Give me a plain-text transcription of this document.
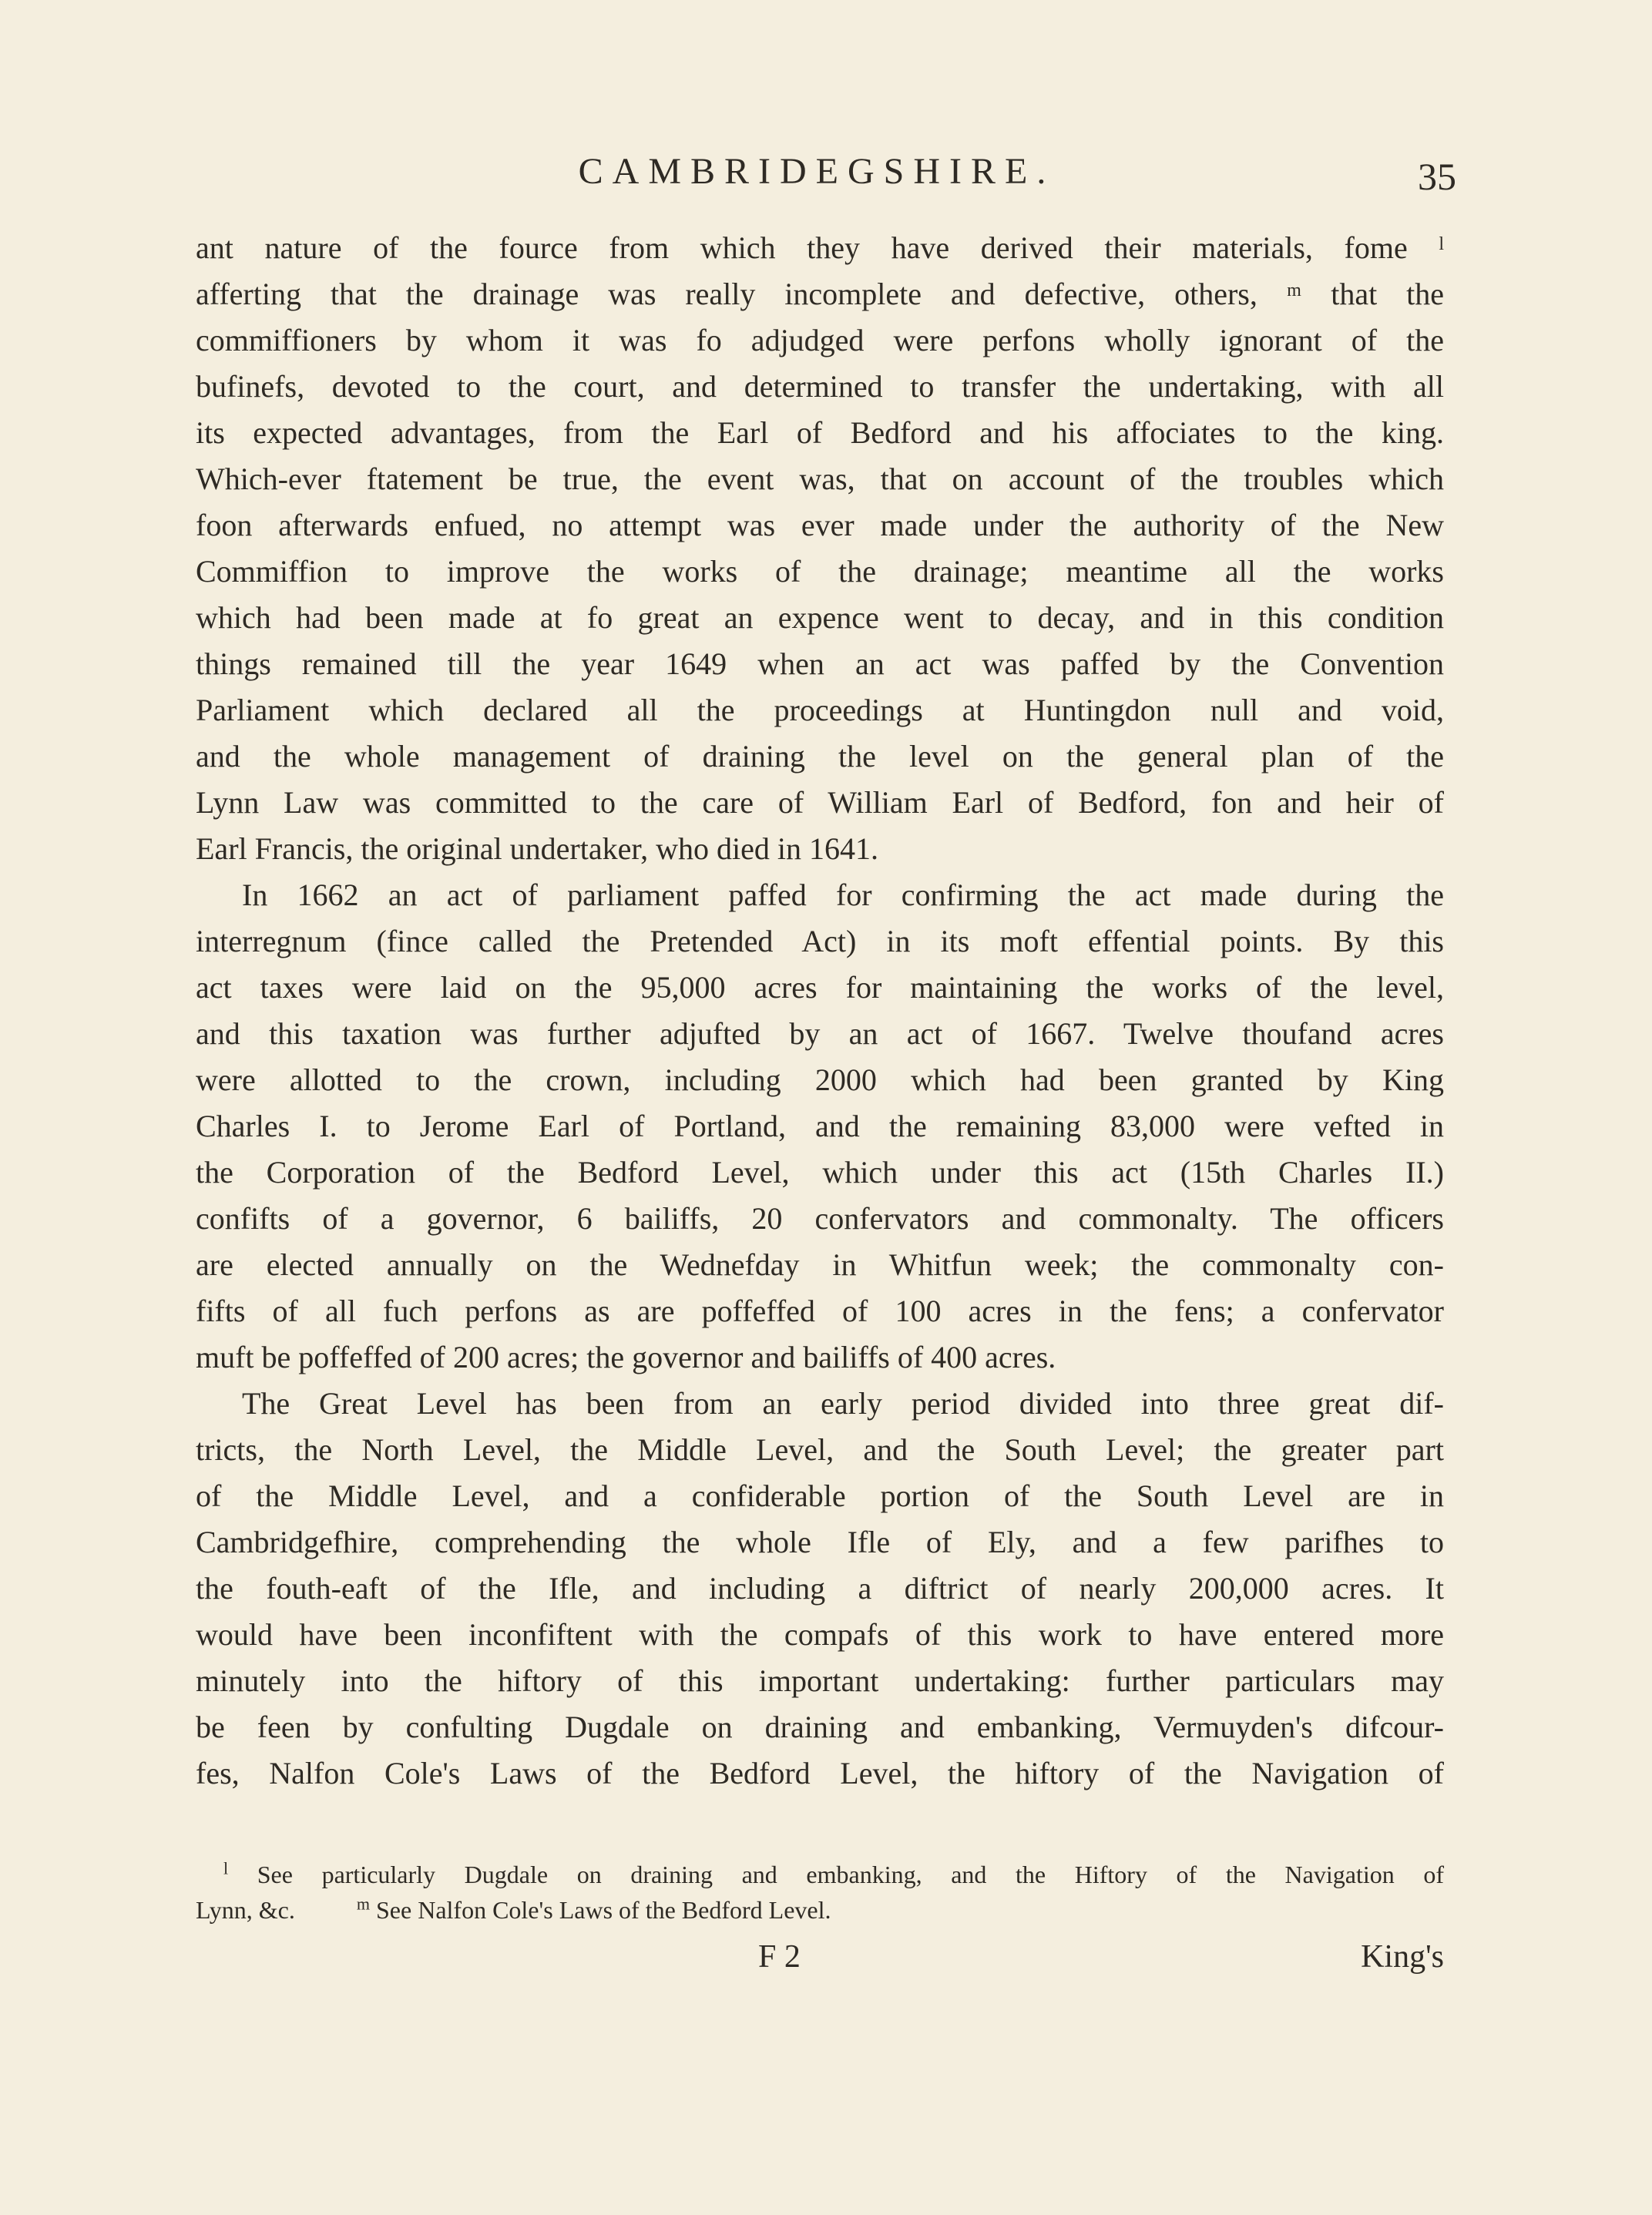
CAMBRIDEGSHIRE.	35
ant nature of the fource from which they have derived their materials, fome ˡ
afferting that the drainage was really incomplete and defective, others, ᵐ that the
commiffioners by whom it was fo adjudged were perfons wholly ignorant of the
bufinefs, devoted to the court, and determined to transfer the undertaking, with all
its expected advantages, from the Earl of Bedford and his affociates to the king.
Which-ever ftatement be true, the event was, that on account of the troubles which
foon afterwards enfued, no attempt was ever made under the authority of the New
Commiffion to improve the works of the drainage; meantime all the works
which had been made at fo great an expence went to decay, and in this condition
things remained till the year 1649 when an act was paffed by the Convention
Parliament which declared all the proceedings at Huntingdon null and void,
and the whole management of draining the level on the general plan of the
Lynn Law was committed to the care of William Earl of Bedford, fon and heir of
Earl Francis, the original undertaker, who died in 1641.
In 1662 an act of parliament paffed for confirming the act made during the
interregnum (fince called the Pretended Act) in its moft effential points. By this
act taxes were laid on the 95,000 acres for maintaining the works of the level,
and this taxation was further adjufted by an act of 1667. Twelve thoufand acres
were allotted to the crown, including 2000 which had been granted by King
Charles I. to Jerome Earl of Portland, and the remaining 83,000 were vefted in
the Corporation of the Bedford Level, which under this act (15th Charles II.)
confifts of a governor, 6 bailiffs, 20 confervators and commonalty. The officers
are elected annually on the Wednefday in Whitfun week; the commonalty con-
fifts of all fuch perfons as are poffeffed of 100 acres in the fens; a confervator
muft be poffeffed of 200 acres; the governor and bailiffs of 400 acres.
The Great Level has been from an early period divided into three great dif-
tricts, the North Level, the Middle Level, and the South Level; the greater part
of the Middle Level, and a confiderable portion of the South Level are in
Cambridgefhire, comprehending the whole Ifle of Ely, and a few parifhes to
the fouth-eaft of the Ifle, and including a diftrict of nearly 200,000 acres. It
would have been inconfiftent with the compafs of this work to have entered more
minutely into the hiftory of this important undertaking: further particulars may
be feen by confulting Dugdale on draining and embanking, Vermuyden's difcour-
fes, Nalfon Cole's Laws of the Bedford Level, the hiftory of the Navigation of
$^l$ See particularly Dugdale on draining and embanking, and the Hiftory of the Navigation of
Lynn, &c.	$^m$ See Nalfon Cole's Laws of the Bedford Level.
F 2	King's
